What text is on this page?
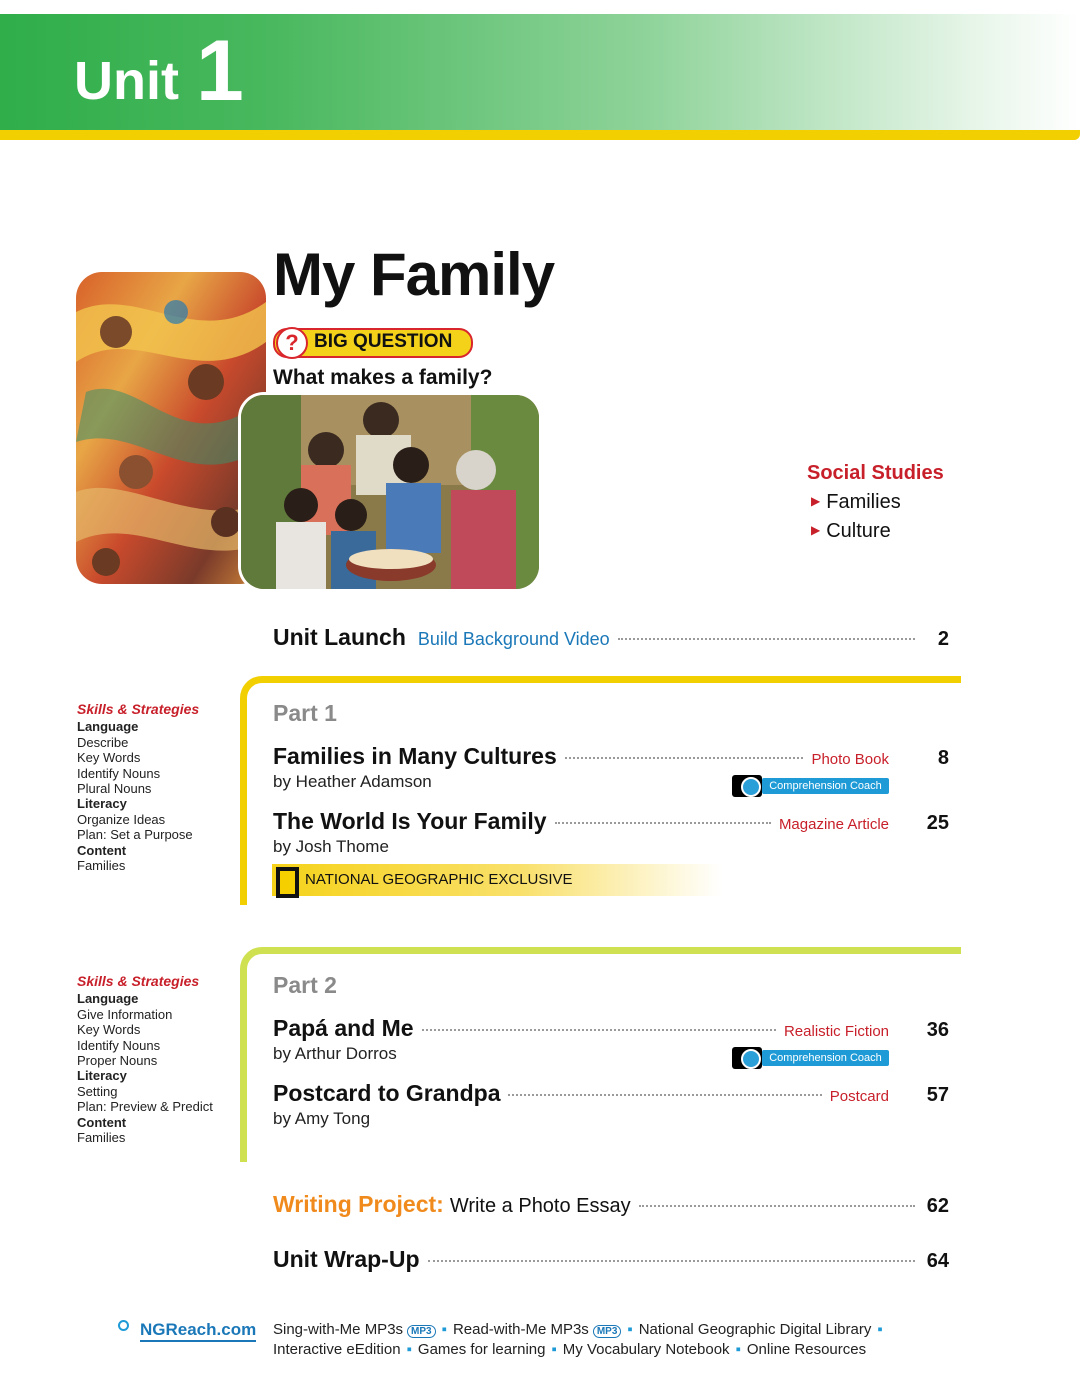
Unit 1
My Family
? BIG QUESTION
What makes a family?
Social Studies
▶ Families
▶ Culture
Unit Launch Build Background Video	2
Part 1
Skills & Strategies
Language
Describe
Key Words
Identify Nouns
Plural Nouns
Literacy
Organize Ideas
Plan: Set a Purpose
Content
Families
Families in Many Cultures	Photo Book	8
by Heather Adamson	Comprehension Coach
The World Is Your Family	Magazine Article 25
by Josh Thome
NATIONAL GEOGRAPHIC EXCLUSIVE
Part 2
Skills & Strategies
Language
Give Information
Key Words
Identify Nouns
Proper Nouns
Literacy
Setting
Plan: Preview & Predict
Content
Families
Papá and Me	Realistic Fiction 36
by Arthur Dorros	Comprehension Coach
Postcard to Grandpa	Postcard 57
by Amy Tong
Writing Project: Write a Photo Essay	62
Unit Wrap-Up	64
NGReach.com Sing-with-Me MP3s MP3 ▪ Read-with-Me MP3s MP3 ▪ National Geographic Digital Library ▪
Interactive eEdition ▪ Games for learning ▪ My Vocabulary Notebook ▪ Online Resources
